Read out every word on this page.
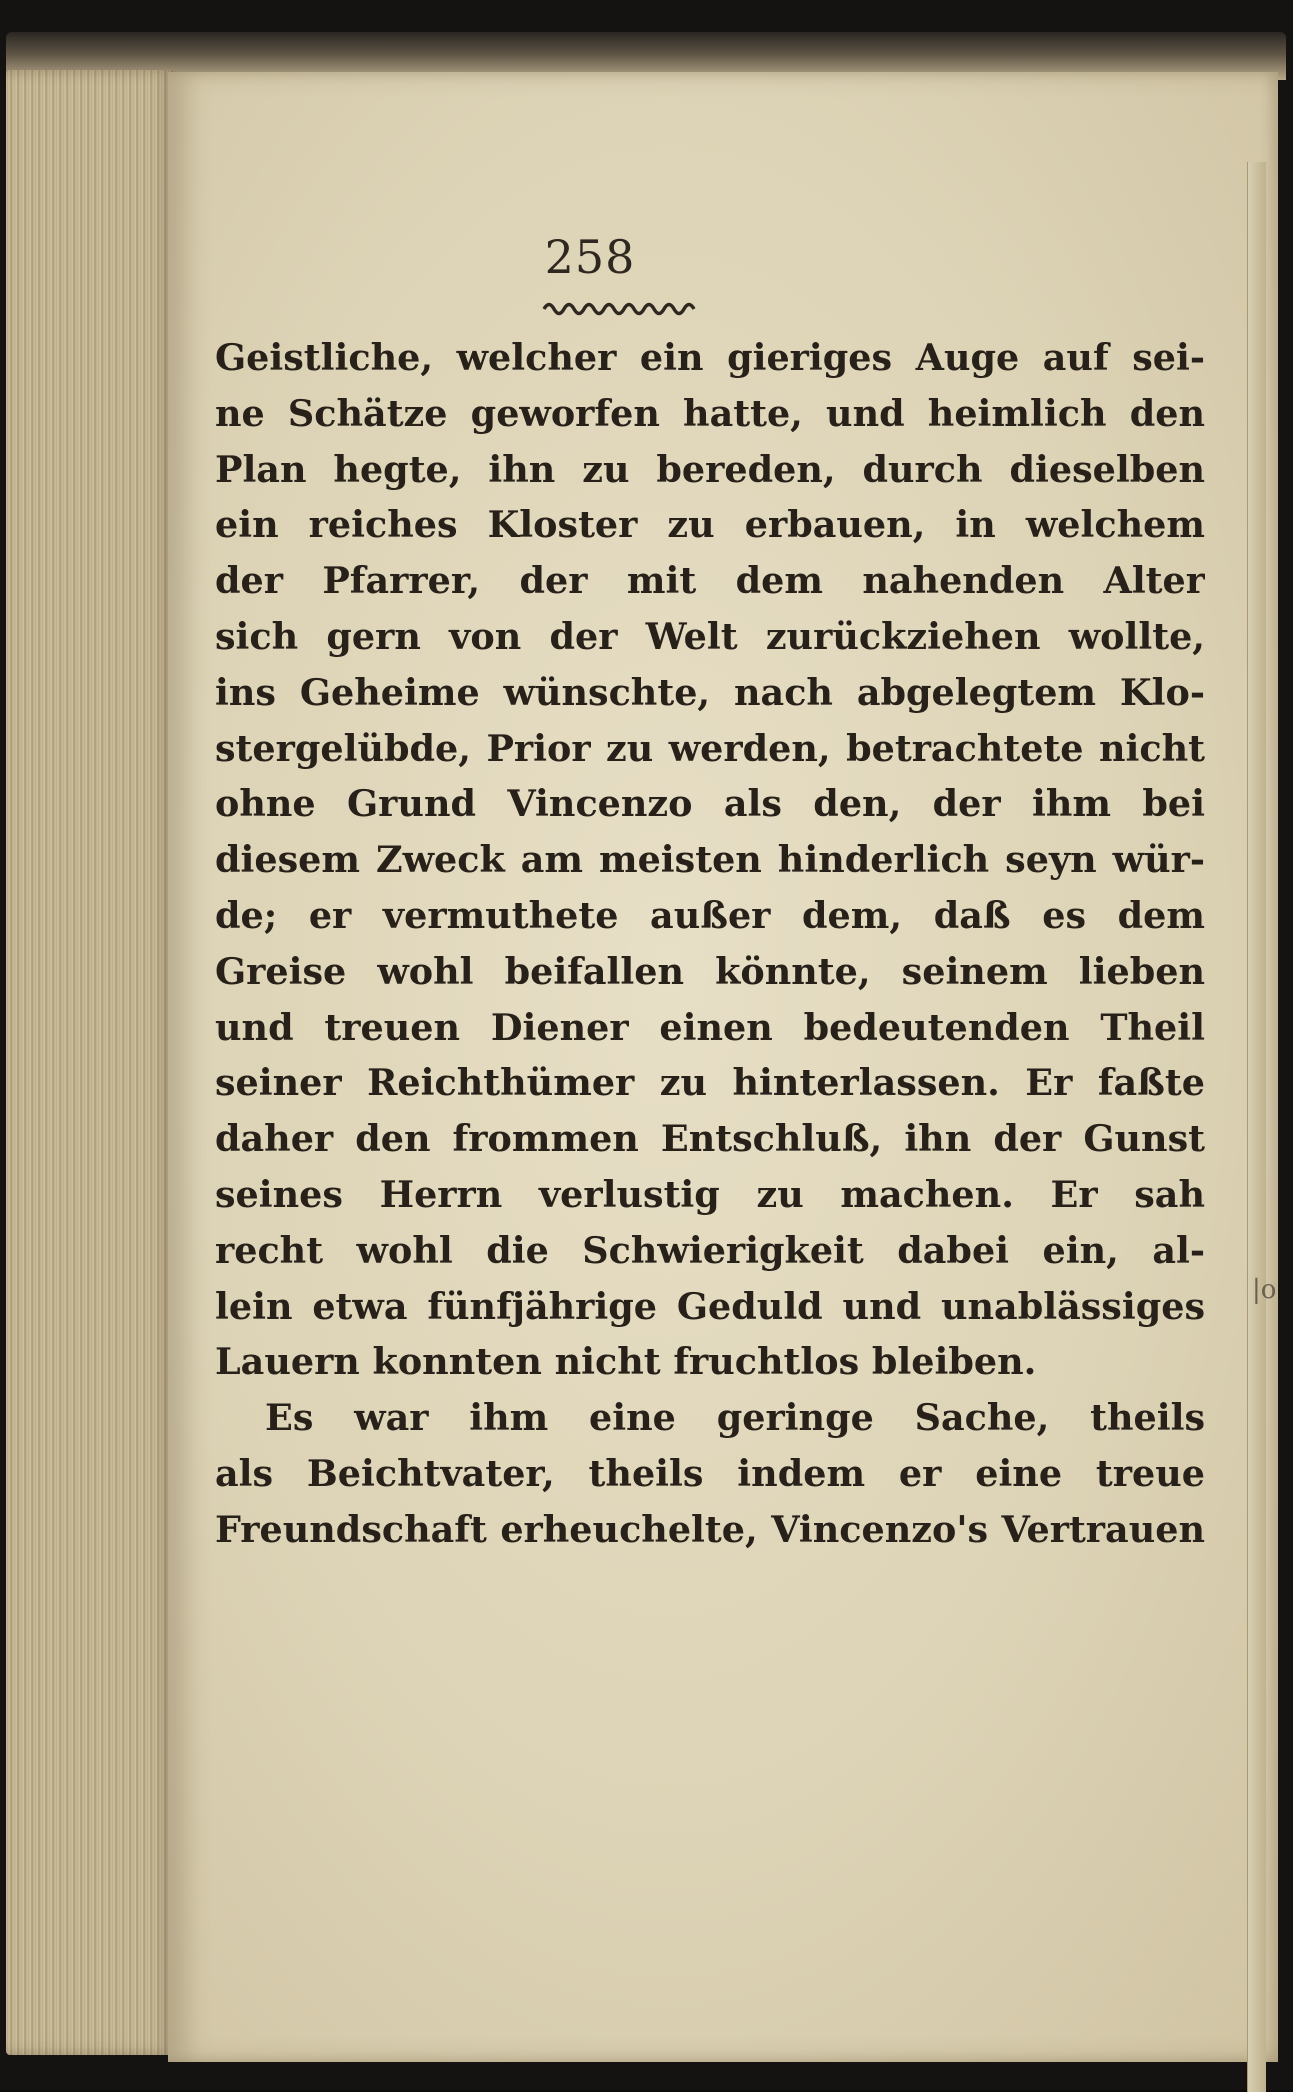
258
Geistliche, welcher ein gieriges Auge auf sei-
ne Schätze geworfen hatte, und heimlich den
Plan hegte, ihn zu bereden, durch dieselben
ein reiches Kloster zu erbauen, in welchem
der Pfarrer, der mit dem nahenden Alter
sich gern von der Welt zurückziehen wollte,
ins Geheime wünschte, nach abgelegtem Klo-
stergelübde, Prior zu werden, betrachtete nicht
ohne Grund Vincenzo als den, der ihm bei
diesem Zweck am meisten hinderlich seyn wür-
de; er vermuthete außer dem, daß es dem
Greise wohl beifallen könnte, seinem lieben
und treuen Diener einen bedeutenden Theil
seiner Reichthümer zu hinterlassen. Er faßte
daher den frommen Entschluß, ihn der Gunst
seines Herrn verlustig zu machen. Er sah
recht wohl die Schwierigkeit dabei ein, al-
lein etwa fünfjährige Geduld und unablässiges
Lauern konnten nicht fruchtlos bleiben.
Es war ihm eine geringe Sache, theils
als Beichtvater, theils indem er eine treue
Freundschaft erheuchelte, Vincenzo's Vertrauen
|o
